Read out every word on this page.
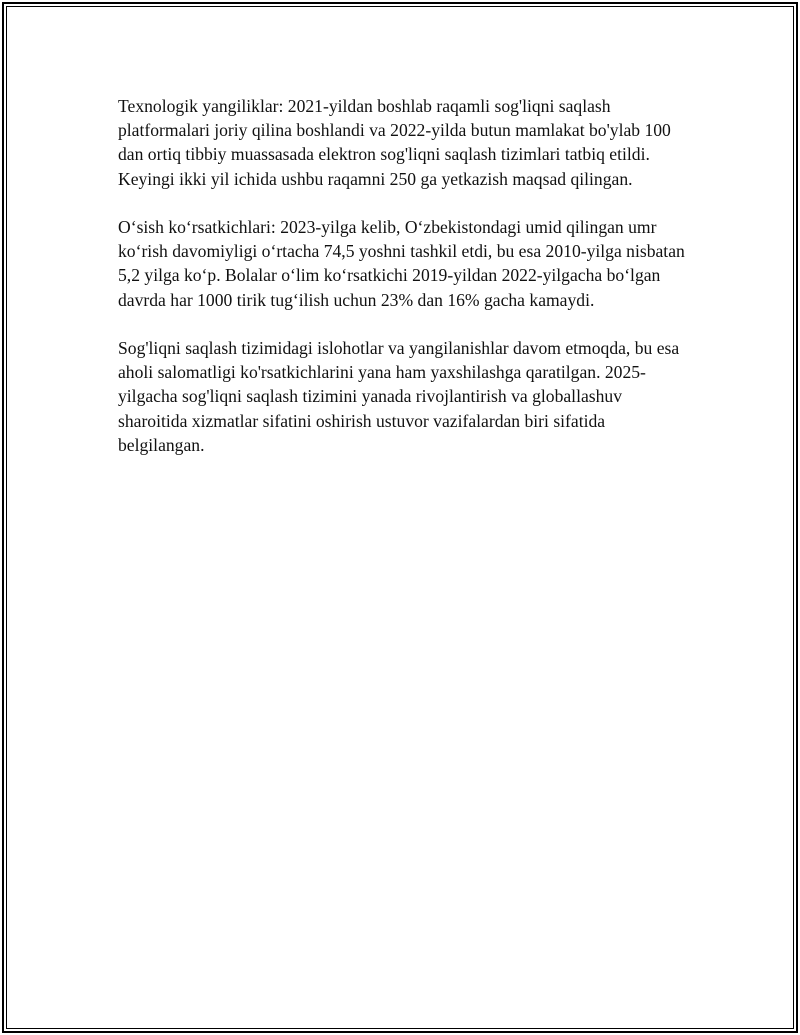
Texnologik yangiliklar: 2021-yildan boshlab raqamli sog'liqni saqlash platformalari joriy qilina boshlandi va 2022-yilda butun mamlakat bo'ylab 100 dan ortiq tibbiy muassasada elektron sog'liqni saqlash tizimlari tatbiq etildi. Keyingi ikki yil ichida ushbu raqamni 250 ga yetkazish maqsad qilingan.

Oʻsish koʻrsatkichlari: 2023-yilga kelib, Oʻzbekistondagi umid qilingan umr koʻrish davomiyligi oʻrtacha 74,5 yoshni tashkil etdi, bu esa 2010-yilga nisbatan 5,2 yilga koʻp. Bolalar oʻlim koʻrsatkichi 2019-yildan 2022-yilgacha boʻlgan davrda har 1000 tirik tugʻilish uchun 23% dan 16% gacha kamaydi.

Sog'liqni saqlash tizimidagi islohotlar va yangilanishlar davom etmoqda, bu esa aholi salomatligi ko'rsatkichlarini yana ham yaxshilashga qaratilgan. 2025-yilgacha sog'liqni saqlash tizimini yanada rivojlantirish va globallashuv sharoitida xizmatlar sifatini oshirish ustuvor vazifalardan biri sifatida belgilangan.
